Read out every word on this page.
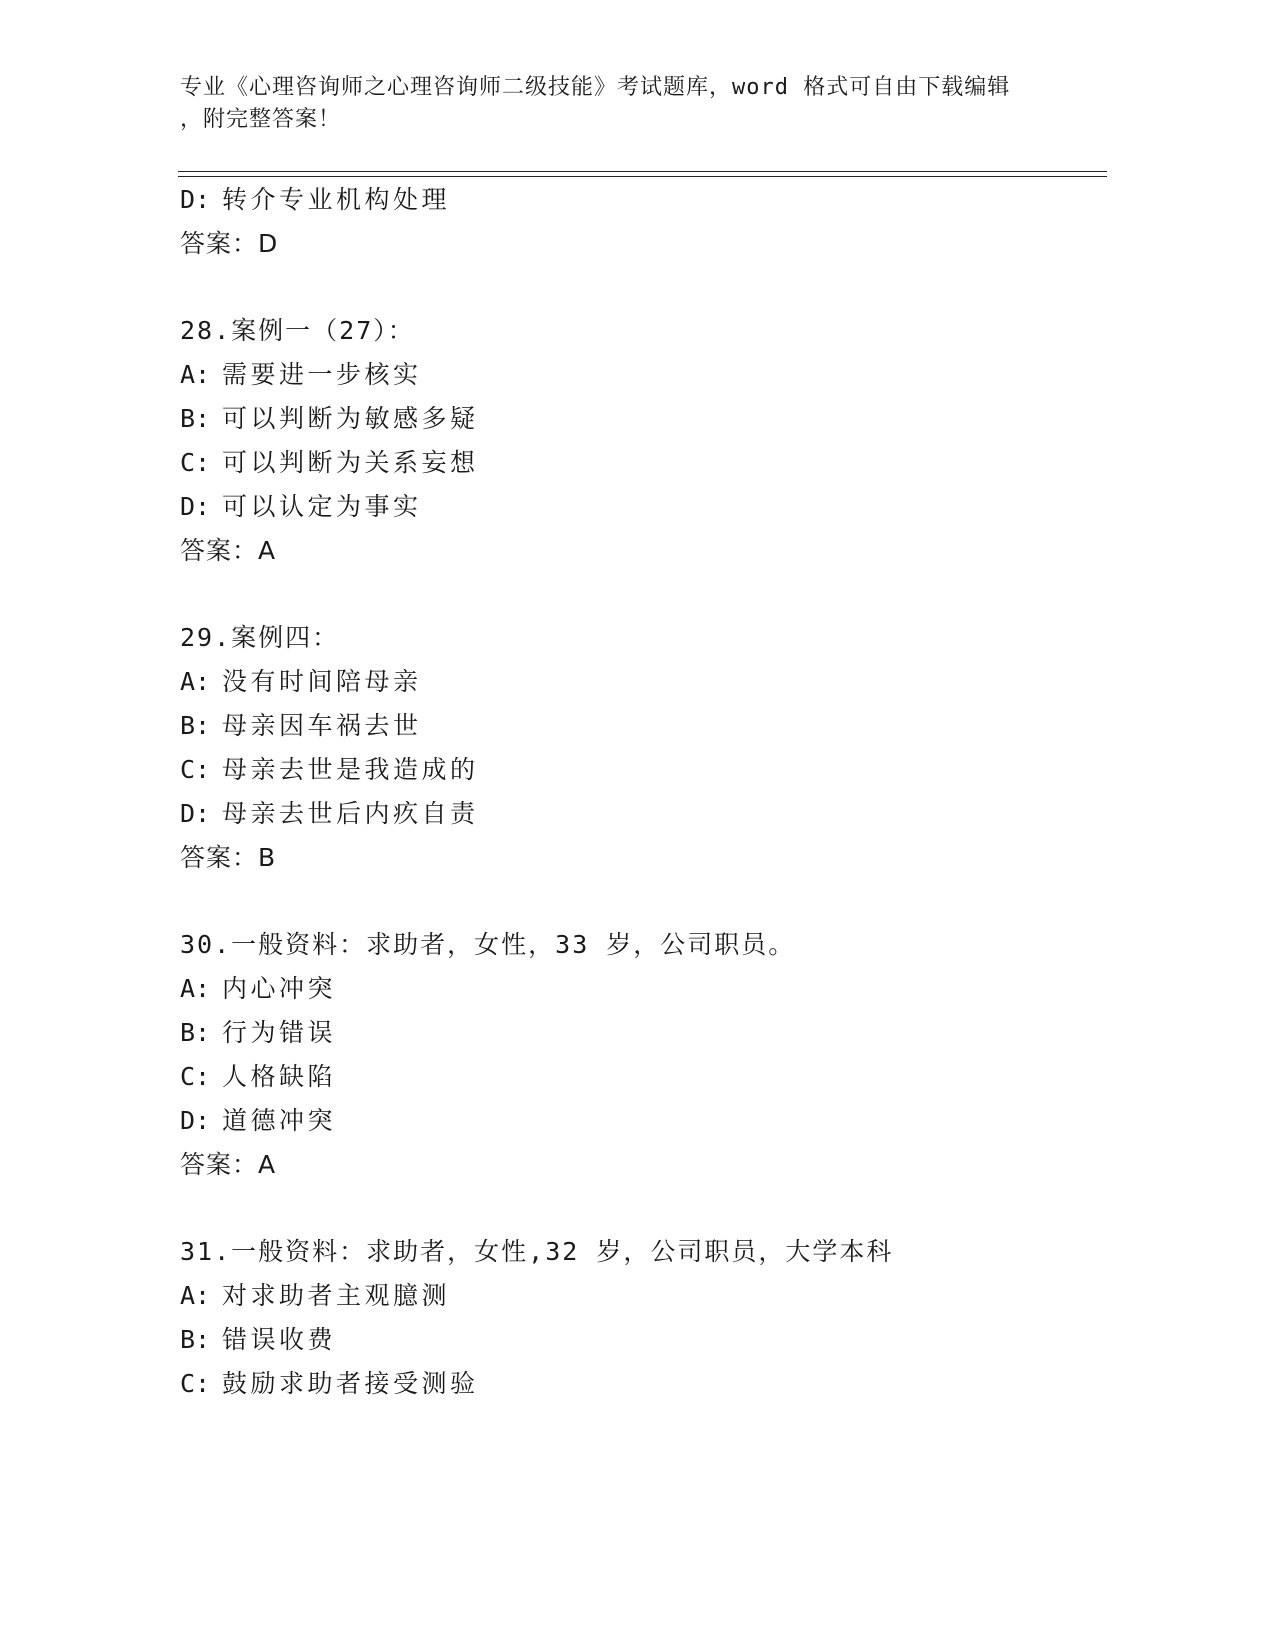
专业《心理咨询师之心理咨询师二级技能》考试题库，word 格式可自由下载编辑
，附完整答案！
D: 转介专业机构处理
答案：D
28.案例一（27）：
A: 需要进一步核实
B: 可以判断为敏感多疑
C: 可以判断为关系妄想
D: 可以认定为事实
答案：A
29.案例四：
A: 没有时间陪母亲
B: 母亲因车祸去世
C: 母亲去世是我造成的
D: 母亲去世后内疚自责
答案：B
30.一般资料：求助者，女性，33 岁，公司职员。
A: 内心冲突
B: 行为错误
C: 人格缺陷
D: 道德冲突
答案：A
31.一般资料：求助者，女性,32 岁，公司职员，大学本科
A: 对求助者主观臆测
B: 错误收费
C: 鼓励求助者接受测验
